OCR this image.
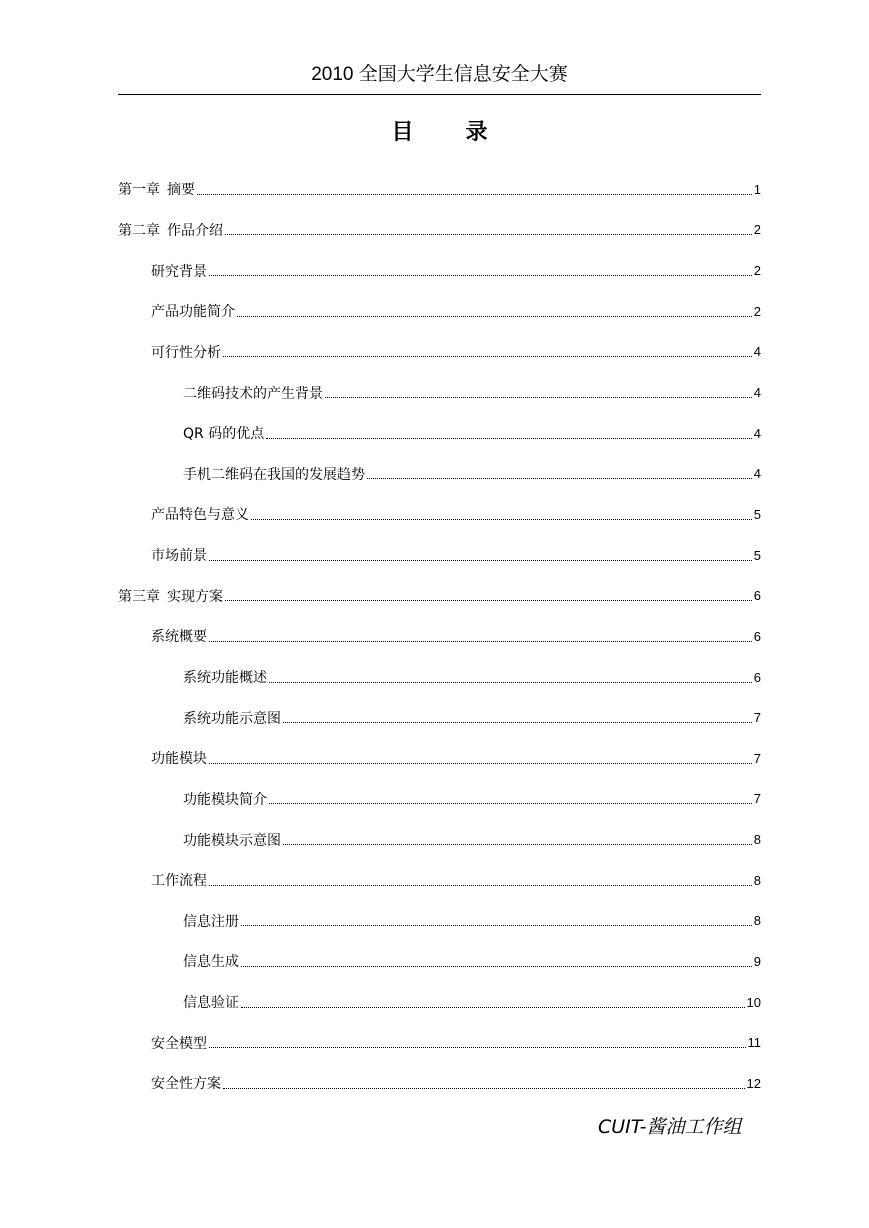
2010 全国大学生信息安全大赛
目录
第一章 摘要	1
第二章 作品介绍	2
研究背景	2
产品功能简介	2
可行性分析	4
二维码技术的产生背景	4
QR 码的优点	4
手机二维码在我国的发展趋势	4
产品特色与意义	5
市场前景	5
第三章 实现方案	6
系统概要	6
系统功能概述	6
系统功能示意图	7
功能模块	7
功能模块简介	7
功能模块示意图	8
工作流程	8
信息注册	8
信息生成	9
信息验证	10
安全模型	11
安全性方案	12
CUIT-酱油工作组
